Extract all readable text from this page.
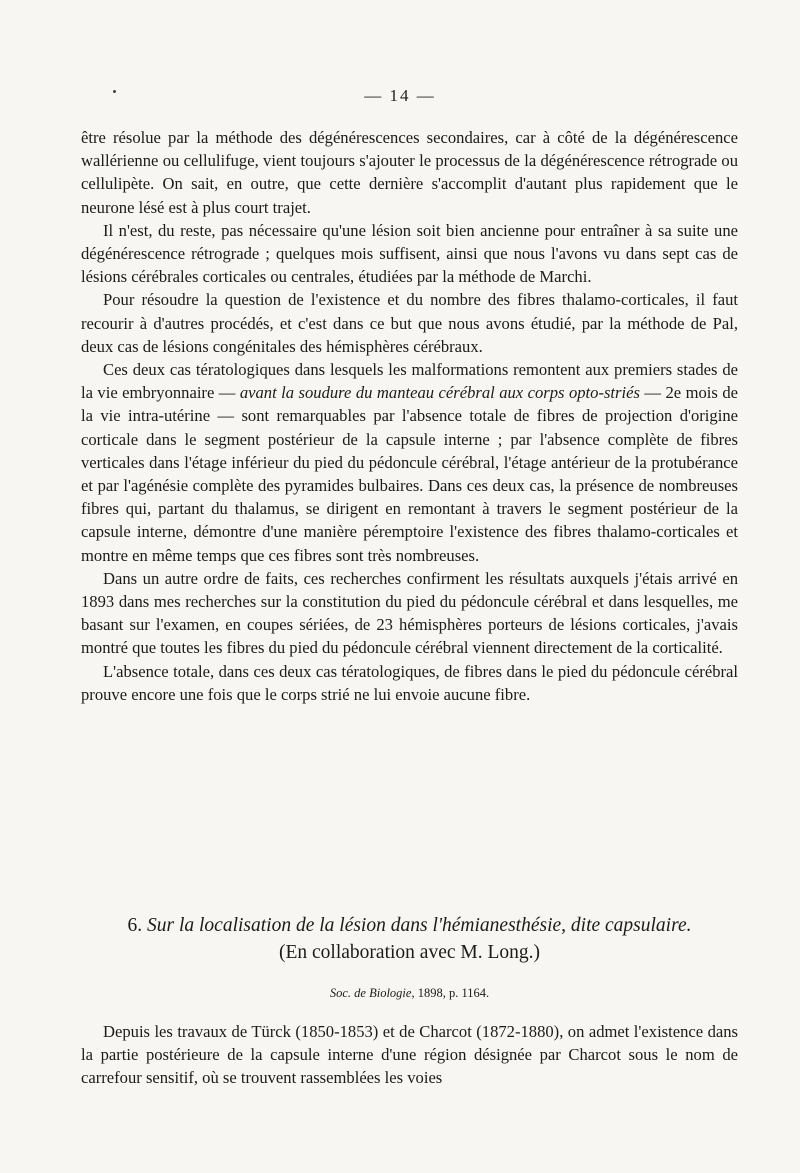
— 14 —

être résolue par la méthode des dégénérescences secondaires, car à côté de la dégénérescence wallérienne ou cellulifuge, vient toujours s'ajouter le processus de la dégénérescence rétrograde ou cellulipète. On sait, en outre, que cette dernière s'accomplit d'autant plus rapidement que le neurone lésé est à plus court trajet.

Il n'est, du reste, pas nécessaire qu'une lésion soit bien ancienne pour entraîner à sa suite une dégénérescence rétrograde ; quelques mois suffisent, ainsi que nous l'avons vu dans sept cas de lésions cérébrales corticales ou centrales, étudiées par la méthode de Marchi.

Pour résoudre la question de l'existence et du nombre des fibres thalamo-corticales, il faut recourir à d'autres procédés, et c'est dans ce but que nous avons étudié, par la méthode de Pal, deux cas de lésions congénitales des hémisphères cérébraux.

Ces deux cas tératologiques dans lesquels les malformations remontent aux premiers stades de la vie embryonnaire — avant la soudure du manteau cérébral aux corps opto-striés — 2e mois de la vie intra-utérine — sont remarquables par l'absence totale de fibres de projection d'origine corticale dans le segment postérieur de la capsule interne ; par l'absence complète de fibres verticales dans l'étage inférieur du pied du pédoncule cérébral, l'étage antérieur de la protubérance et par l'agénésie complète des pyramides bulbaires. Dans ces deux cas, la présence de nombreuses fibres qui, partant du thalamus, se dirigent en remontant à travers le segment postérieur de la capsule interne, démontre d'une manière péremptoire l'existence des fibres thalamo-corticales et montre en même temps que ces fibres sont très nombreuses.

Dans un autre ordre de faits, ces recherches confirment les résultats auxquels j'étais arrivé en 1893 dans mes recherches sur la constitution du pied du pédoncule cérébral et dans lesquelles, me basant sur l'examen, en coupes sériées, de 23 hémisphères porteurs de lésions corticales, j'avais montré que toutes les fibres du pied du pédoncule cérébral viennent directement de la corticalité.

L'absence totale, dans ces deux cas tératologiques, de fibres dans le pied du pédoncule cérébral prouve encore une fois que le corps strié ne lui envoie aucune fibre.

6. Sur la localisation de la lésion dans l'hémianesthésie, dite capsulaire.
(En collaboration avec M. Long.)
Soc. de Biologie, 1898, p. 1164.

Depuis les travaux de Türck (1850-1853) et de Charcot (1872-1880), on admet l'existence dans la partie postérieure de la capsule interne d'une région désignée par Charcot sous le nom de carrefour sensitif, où se trouvent rassemblées les voies
